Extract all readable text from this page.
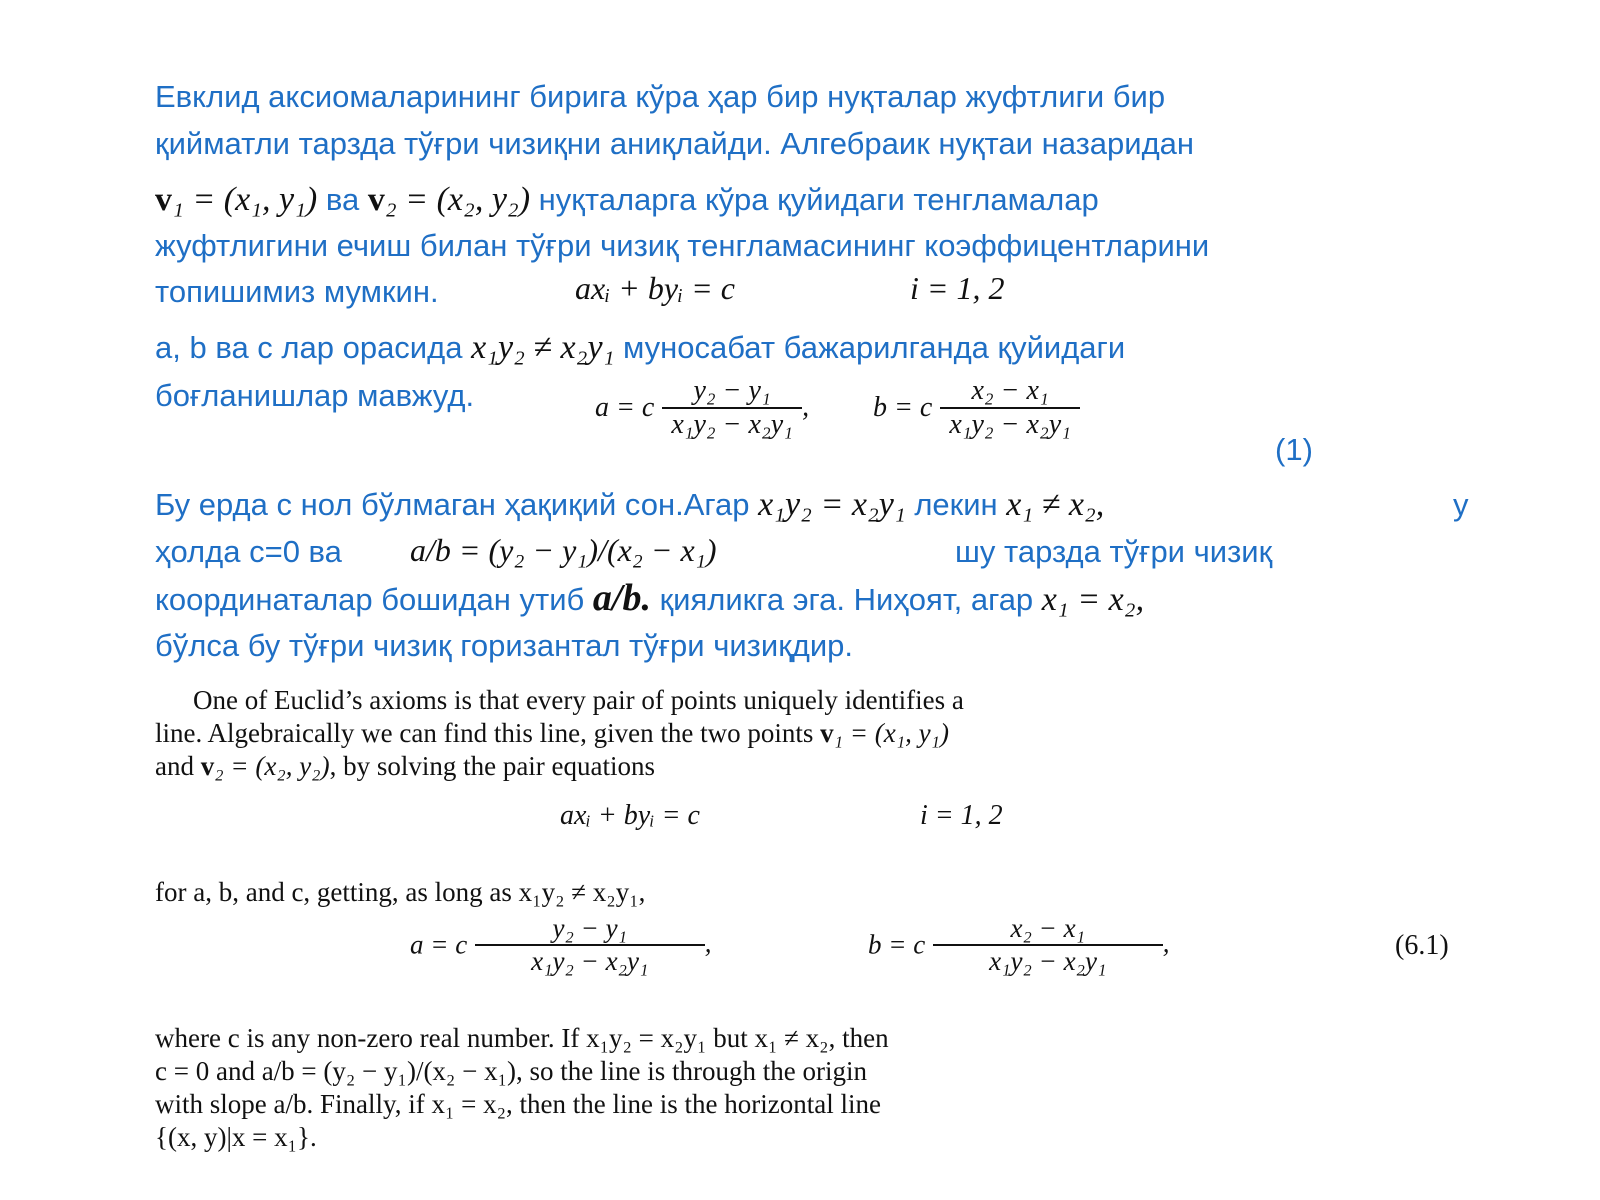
Евклид аксиомаларининг бирига кўра ҳар бир нуқталар жуфтлиги бир
қийматли тарзда тўғри чизиқни аниқлайди. Алгебраик нуқтаи назаридан
v₁ = (x₁, y₁) ва v₂ = (x₂, y₂) нуқталарга кўра қуйидаги тенгламалар
жуфтлигини ечиш билан тўғри чизиқ тенгламасининг коэффицентларини
топишимиз мумкин.	axᵢ + byᵢ = c	i = 1, 2
a, b ва c лар орасида x₁y₂ ≠ x₂y₁ муносабат бажарилганда қуйидаги
боғланишлар мавжуд.	a = c $\frac{\text{y₂ − y₁}}{\text{x₁y₂ − x₂y₁}}$ , b = c $\frac{\text{x₂ − x₁}}{\text{x₁y₂ − x₂y₁}}$
(1)
Бу ерда с нол бўлмаган ҳақиқий сон.Агар x₁y₂ = x₂y₁ лекин x₁ ≠ x₂,	у
ҳолда c=0 ва	a/b = (y₂ − y₁)/(x₂ − x₁)	шу тарзда тўғри чизиқ
координаталар бошидан утиб a/b. қияликга эга. Ниҳоят, агар x₁ = x₂,
бўлса бу тўғри чизиқ горизантал тўғри чизиқдир.
One of Euclid’s axioms is that every pair of points uniquely identifies a
line. Algebraically we can find this line, given the two points v₁ = (x₁, y₁)
and v₂ = (x₂, y₂), by solving the pair equations
axᵢ + byᵢ = c	i = 1, 2
for a, b, and c, getting, as long as x₁y₂ ≠ x₂y₁,
a = c $\frac{\text{y₂ − y₁}}{\text{x₁y₂ − x₂y₁}}$ ,	b = c $\frac{\text{x₂ − x₁}}{\text{x₁y₂ − x₂y₁}}$ ,	(6.1)
where c is any non-zero real number. If x₁y₂ = x₂y₁ but x₁ ≠ x₂, then
c = 0 and a/b = (y₂ − y₁)/(x₂ − x₁), so the line is through the origin
with slope a/b. Finally, if x₁ = x₂, then the line is the horizontal line
{(x, y)|x = x₁}.
